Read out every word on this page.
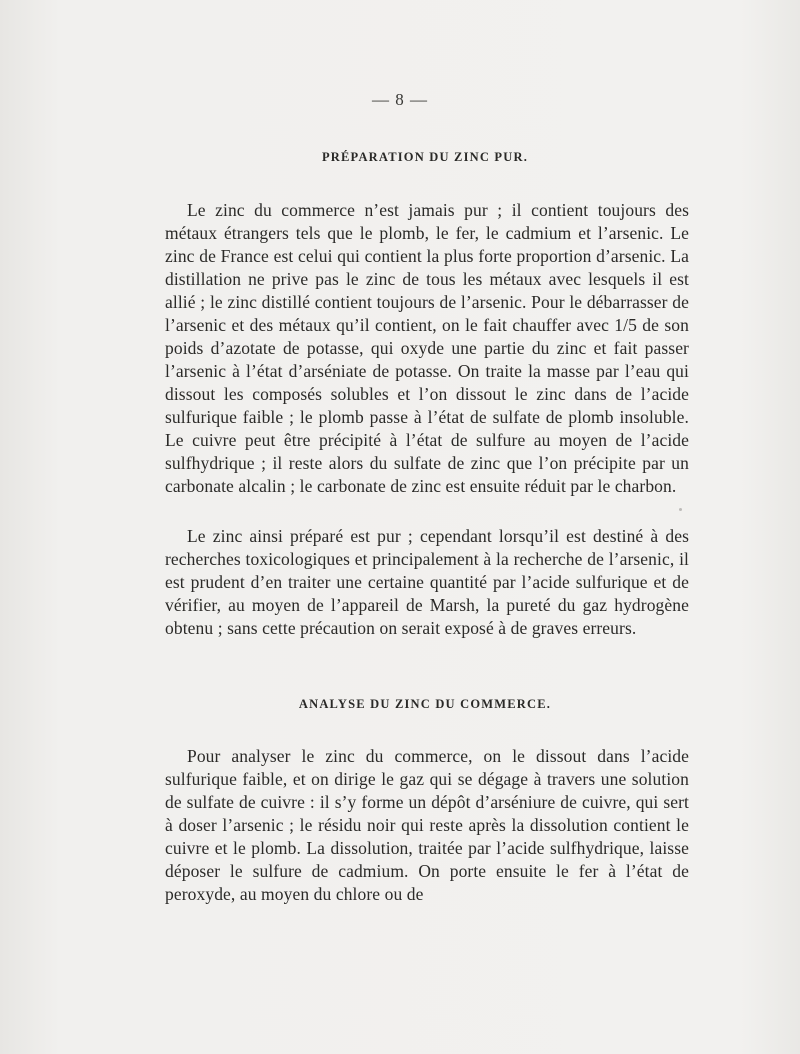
— 8 —
PRÉPARATION DU ZINC PUR.

Le zinc du commerce n’est jamais pur ; il contient toujours des métaux étrangers tels que le plomb, le fer, le cadmium et l’arsenic. Le zinc de France est celui qui contient la plus forte proportion d’arsenic. La distillation ne prive pas le zinc de tous les métaux avec lesquels il est allié ; le zinc distillé contient toujours de l’arsenic. Pour le débarrasser de l’arsenic et des métaux qu’il contient, on le fait chauffer avec 1/5 de son poids d’azotate de potasse, qui oxyde une partie du zinc et fait passer l’arsenic à l’état d’arséniate de potasse. On traite la masse par l’eau qui dissout les composés solubles et l’on dissout le zinc dans de l’acide sulfurique faible ; le plomb passe à l’état de sulfate de plomb insoluble. Le cuivre peut être précipité à l’état de sulfure au moyen de l’acide sulfhydrique ; il reste alors du sulfate de zinc que l’on précipite par un carbonate alcalin ; le carbonate de zinc est ensuite réduit par le charbon.

Le zinc ainsi préparé est pur ; cependant lorsqu’il est destiné à des recherches toxicologiques et principalement à la recherche de l’arsenic, il est prudent d’en traiter une certaine quantité par l’acide sulfurique et de vérifier, au moyen de l’appareil de Marsh, la pureté du gaz hydrogène obtenu ; sans cette précaution on serait exposé à de graves erreurs.

ANALYSE DU ZINC DU COMMERCE.

Pour analyser le zinc du commerce, on le dissout dans l’acide sulfurique faible, et on dirige le gaz qui se dégage à travers une solution de sulfate de cuivre : il s’y forme un dépôt d’arséniure de cuivre, qui sert à doser l’arsenic ; le résidu noir qui reste après la dissolution contient le cuivre et le plomb. La dissolution, traitée par l’acide sulfhydrique, laisse déposer le sulfure de cadmium. On porte ensuite le fer à l’état de peroxyde, au moyen du chlore ou de
